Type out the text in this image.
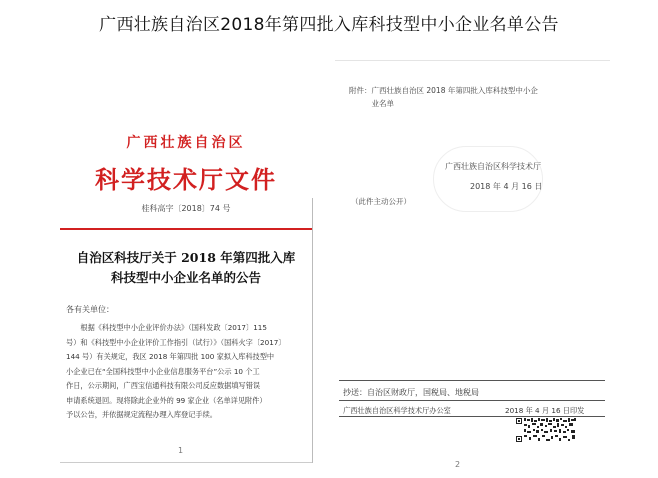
广西壮族自治区2018年第四批入库科技型中小企业名单公告
广西壮族自治区
科学技术厅文件
桂科高字〔2018〕74 号
自治区科技厅关于 2018 年第四批入库
科技型中小企业名单的公告
各有关单位：
　　根据《科技型中小企业评价办法》（国科发政〔2017〕115
号）和《科技型中小企业评价工作指引（试行）》（国科火字〔2017〕
144 号）有关规定，我区 2018 年第四批 100 家拟入库科技型中
小企业已在“全国科技型中小企业信息服务平台”公示 10 个工
作日，公示期间，广西宝信通科技有限公司反应数据填写错误
申请系统退回。现将除此企业外的 99 家企业（名单详见附件）
予以公告，并依据规定流程办理入库登记手续。
1
附件：广西壮族自治区 2018 年第四批入库科技型中小企
　　　业名单
广西壮族自治区科学技术厅
2018 年 4 月 16 日
（此件主动公开）
抄送：自治区财政厅，国税局、地税局
广西壮族自治区科学技术厅办公室	2018 年 4 月 16 日印发
2
